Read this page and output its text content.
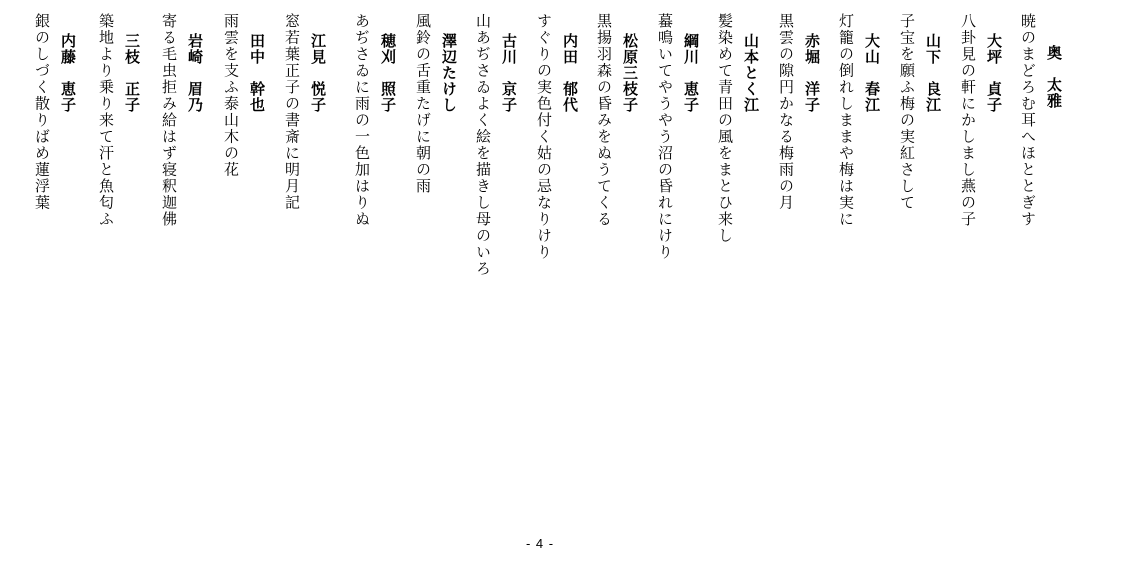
奥　太雅
暁のまどろむ耳へほととぎす
大坪　貞子
八卦見の軒にかしまし燕の子
山下　良江
子宝を願ふ梅の実紅さして
大山　春江
灯籠の倒れしままや梅は実に
赤堀　洋子
黒雲の隙円かなる梅雨の月
山本とく江
髪染めて青田の風をまとひ来し
綱川　恵子
蟇鳴いてやうやう沼の昏れにけり
松原三枝子
黒揚羽森の昏みをぬうてくる
内田　郁代
すぐりの実色付く姑の忌なりけり
古川　京子
山あぢさゐよく絵を描きし母のいろ
澤辺たけし
風鈴の舌重たげに朝の雨
穂刈　照子
あぢさゐに雨の一色加はりぬ
江見　悦子
窓若葉正子の書斎に明月記
田中　幹也
雨雲を支ふ泰山木の花
岩崎　眉乃
寄る毛虫拒み給はず寝釈迦佛
三枝　正子
築地より乗り来て汗と魚匂ふ
内藤　恵子
銀のしづく散りばめ蓮浮葉
- 4 -
